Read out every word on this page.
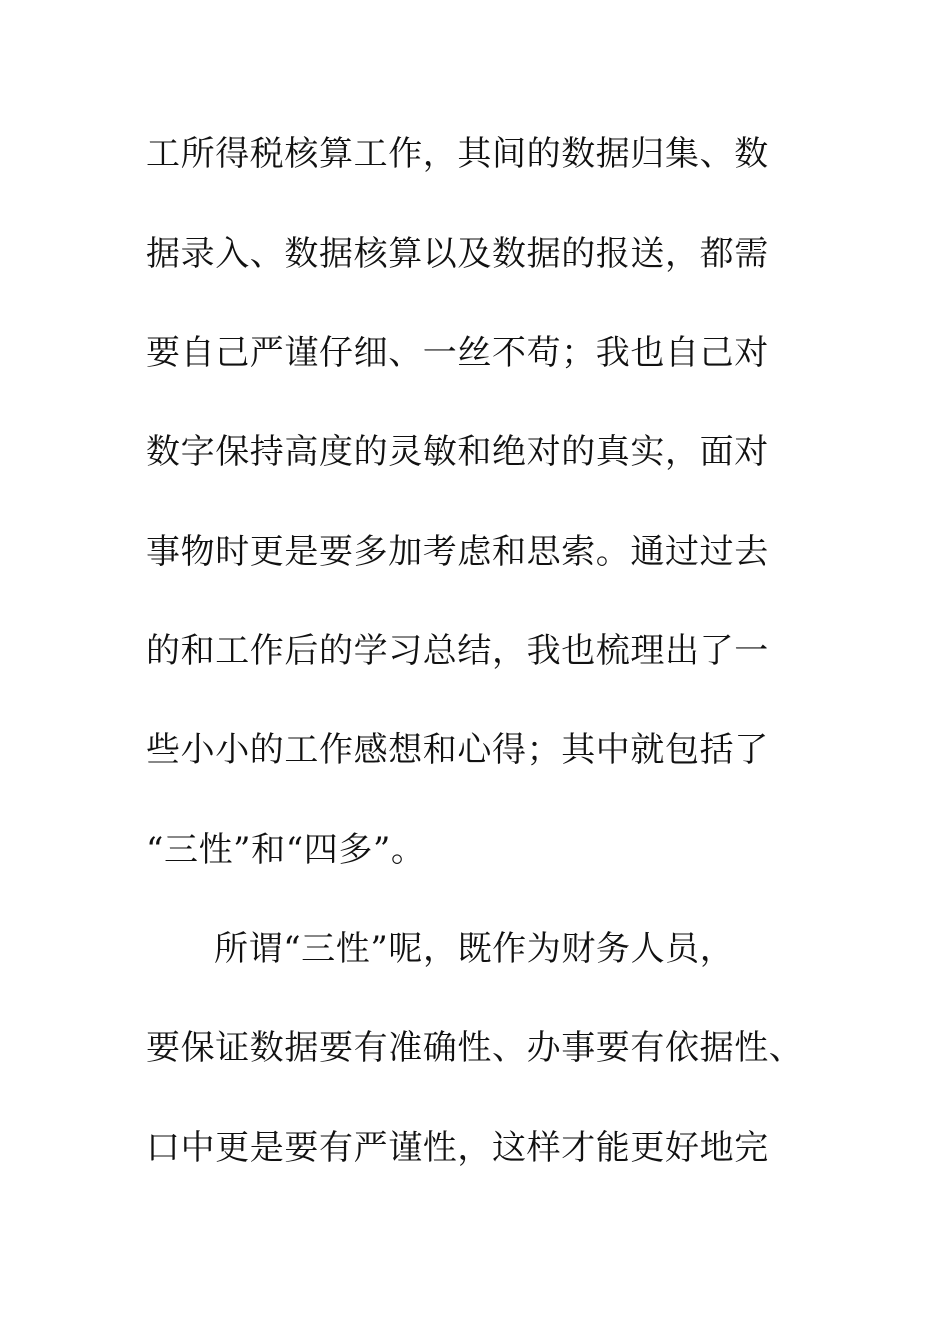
工所得税核算工作，其间的数据归集、数

据录入、数据核算以及数据的报送，都需

要自己严谨仔细、一丝不苟；我也自己对

数字保持高度的灵敏和绝对的真实，面对

事物时更是要多加考虑和思索。通过过去

的和工作后的学习总结，我也梳理出了一

些小小的工作感想和心得；其中就包括了

“三性”和“四多”。

所谓“三性”呢，既作为财务人员，

要保证数据要有准确性、办事要有依据性、

口中更是要有严谨性，这样才能更好地完
